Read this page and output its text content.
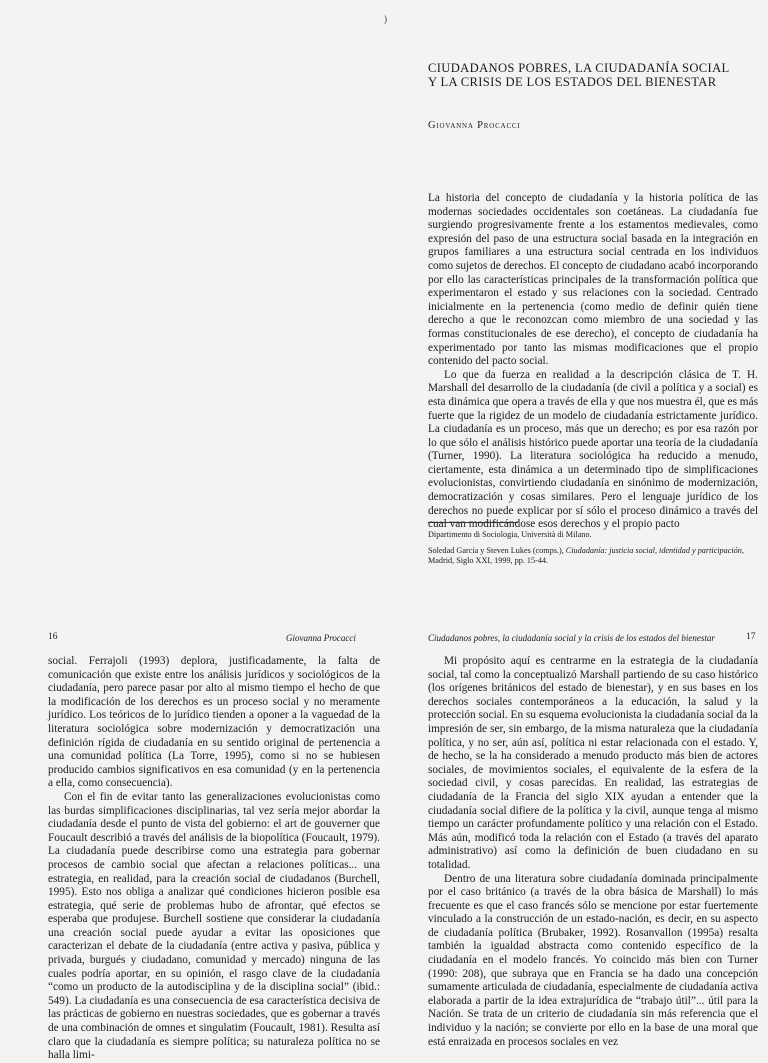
)
CIUDADANOS POBRES, LA CIUDADANÍA SOCIAL
Y LA CRISIS DE LOS ESTADOS DEL BIENESTAR

Giovanna Procacci

La historia del concepto de ciudadanía y la historia política de las modernas sociedades occidentales son coetáneas. La ciudadanía fue surgiendo progresivamente frente a los estamentos medievales, como expresión del paso de una estructura social basada en la integración en grupos familiares a una estructura social centrada en los individuos como sujetos de derechos. El concepto de ciudadano acabó incorporando por ello las características principales de la transformación política que experimentaron el estado y sus relaciones con la sociedad. Centrado inicialmente en la pertenencia (como medio de definir quién tiene derecho a que le reconozcan como miembro de una sociedad y las formas constitucionales de ese derecho), el concepto de ciudadanía ha experimentado por tanto las mismas modificaciones que el propio contenido del pacto social.

Lo que da fuerza en realidad a la descripción clásica de T. H. Marshall del desarrollo de la ciudadanía (de civil a política y a social) es esta dinámica que opera a través de ella y que nos muestra él, que es más fuerte que la rigidez de un modelo de ciudadanía estrictamente jurídico. La ciudadanía es un proceso, más que un derecho; es por esa razón por lo que sólo el análisis histórico puede aportar una teoría de la ciudadanía (Turner, 1990). La literatura sociológica ha reducido a menudo, ciertamente, esta dinámica a un determinado tipo de simplificaciones evolucionistas, convirtiendo ciudadanía en sinónimo de modernización, democratización y cosas similares. Pero el lenguaje jurídico de los derechos no puede explicar por sí sólo el proceso dinámico a través del cual van modificándose esos derechos y el propio pacto

Dipartimento di Sociologia, Università di Milano.

Soledad García y Steven Lukes (comps.), Ciudadanía: justicia social, identidad y participación, Madrid, Siglo XXI, 1999, pp. 15-44.

16	Giovanna Procacci

social. Ferrajoli (1993) deplora, justificadamente, la falta de comunicación que existe entre los análisis jurídicos y sociológicos de la ciudadanía, pero parece pasar por alto al mismo tiempo el hecho de que la modificación de los derechos es un proceso social y no meramente jurídico. Los teóricos de lo jurídico tienden a oponer a la vaguedad de la literatura sociológica sobre modernización y democratización una definición rígida de ciudadanía en su sentido original de pertenencia a una comunidad política (La Torre, 1995), como si no se hubiesen producido cambios significativos en esa comunidad (y en la pertenencia a ella, como consecuencia).

Con el fin de evitar tanto las generalizaciones evolucionistas como las burdas simplificaciones disciplinarias, tal vez sería mejor abordar la ciudadanía desde el punto de vista del gobierno: el art de gouverner que Foucault describió a través del análisis de la biopolítica (Foucault, 1979). La ciudadanía puede describirse como una estrategia para gobernar procesos de cambio social que afectan a relaciones políticas... una estrategia, en realidad, para la creación social de ciudadanos (Burchell, 1995). Esto nos obliga a analizar qué condiciones hicieron posible esa estrategia, qué serie de problemas hubo de afrontar, qué efectos se esperaba que produjese. Burchell sostiene que considerar la ciudadanía una creación social puede ayudar a evitar las oposiciones que caracterizan el debate de la ciudadanía (entre activa y pasiva, pública y privada, burgués y ciudadano, comunidad y mercado) ninguna de las cuales podría aportar, en su opinión, el rasgo clave de la ciudadanía “como un producto de la autodisciplina y de la disciplina social” (ibid.: 549). La ciudadanía es una consecuencia de esa característica decisiva de las prácticas de gobierno en nuestras sociedades, que es gobernar a través de una combinación de omnes et singulatim (Foucault, 1981). Resulta así claro que la ciudadanía es siempre política; su naturaleza política no se halla limi-

Ciudadanos pobres, la ciudadanía social y la crisis de los estados del bienestar	17

Mi propósito aquí es centrarme en la estrategia de la ciudadanía social, tal como la conceptualizó Marshall partiendo de su caso histórico (los orígenes británicos del estado de bienestar), y en sus bases en los derechos sociales contemporáneos a la educación, la salud y la protección social. En su esquema evolucionista la ciudadanía social da la impresión de ser, sin embargo, de la misma naturaleza que la ciudadanía política, y no ser, aún así, política ni estar relacionada con el estado. Y, de hecho, se la ha considerado a menudo producto más bien de actores sociales, de movimientos sociales, el equivalente de la esfera de la sociedad civil, y cosas parecidas. En realidad, las estrategias de ciudadanía de la Francia del siglo XIX ayudan a entender que la ciudadanía social difiere de la política y la civil, aunque tenga al mismo tiempo un carácter profundamente político y una relación con el Estado. Más aún, modificó toda la relación con el Estado (a través del aparato administrativo) así como la definición de buen ciudadano en su totalidad.

Dentro de una literatura sobre ciudadanía dominada principalmente por el caso británico (a través de la obra básica de Marshall) lo más frecuente es que el caso francés sólo se mencione por estar fuertemente vinculado a la construcción de un estado-nación, es decir, en su aspecto de ciudadanía política (Brubaker, 1992). Rosanvallon (1995a) resalta también la igualdad abstracta como contenido específico de la ciudadanía en el modelo francés. Yo coincido más bien con Turner (1990: 208), que subraya que en Francia se ha dado una concepción sumamente articulada de ciudadanía, especialmente de ciudadanía activa elaborada a partir de la idea extrajurídica de “trabajo útil”... útil para la Nación. Se trata de un criterio de ciudadanía sin más referencia que el individuo y la nación; se convierte por ello en la base de una moral que está enraizada en procesos sociales en vez
